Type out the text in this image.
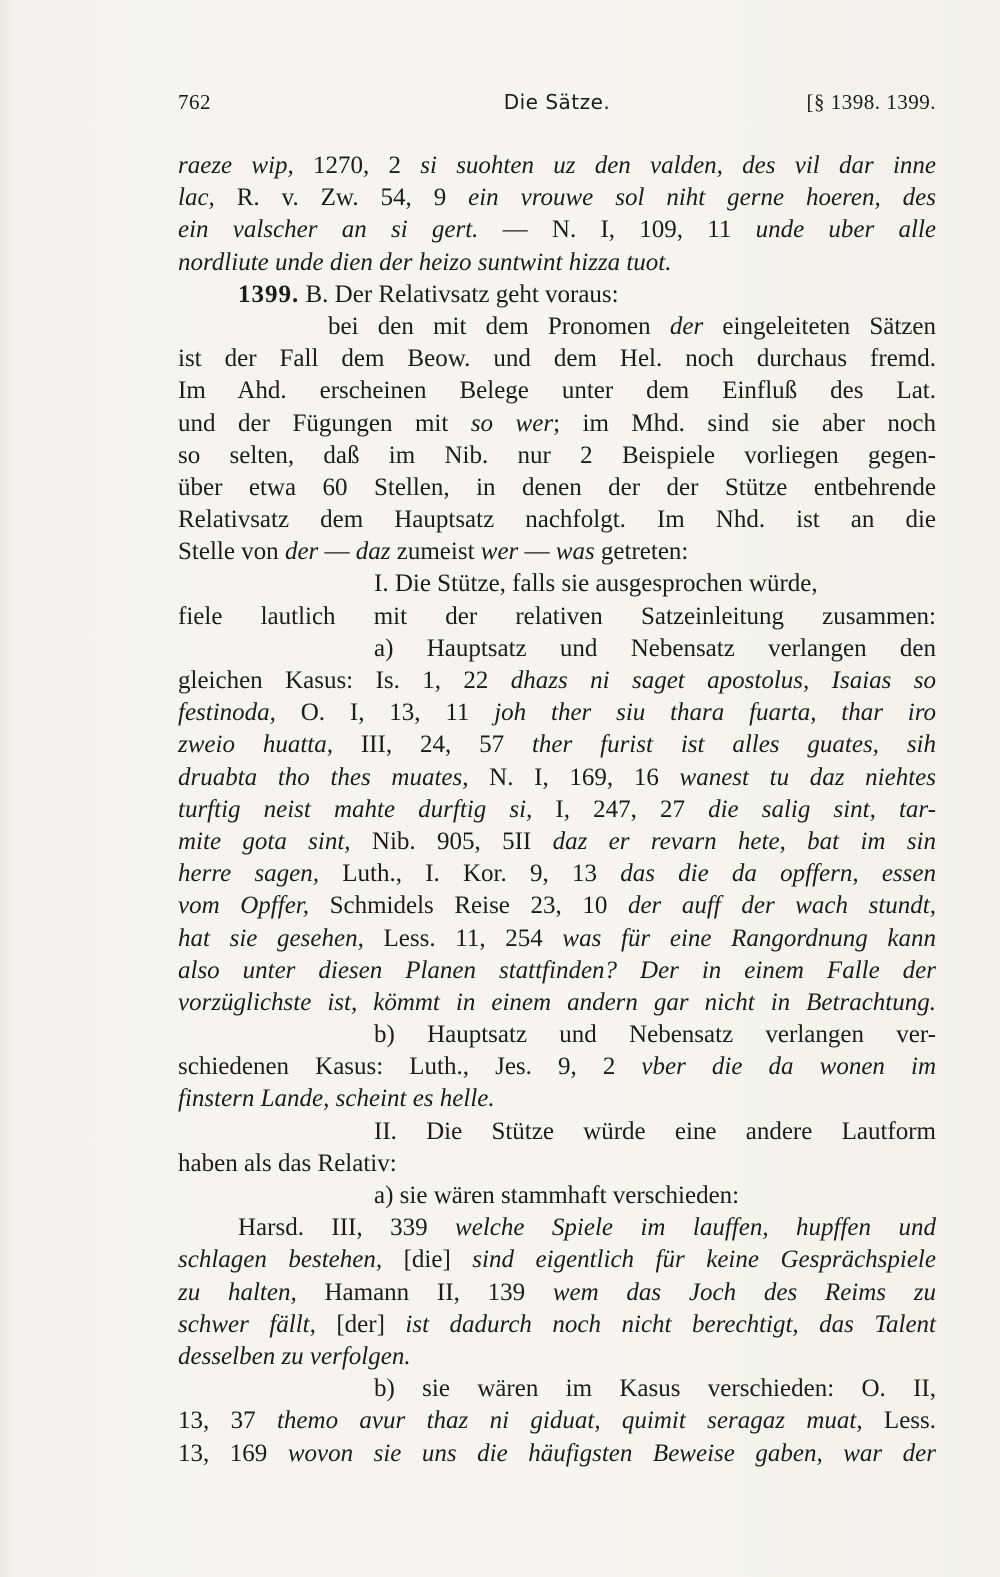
762	Die Sätze.	[§ 1398. 1399.
raeze wip, 1270, 2 si suohten uz den valden, des vil dar inne
lac, R. v. Zw. 54, 9 ein vrouwe sol niht gerne hoeren, des
ein valscher an si gert. — N. I, 109, 11 unde uber alle
nordliute unde dien der heizo suntwint hizza tuot.
1399. B. Der Relativsatz geht voraus:
bei den mit dem Pronomen der eingeleiteten Sätzen
ist der Fall dem Beow. und dem Hel. noch durchaus fremd.
Im Ahd. erscheinen Belege unter dem Einfluß des Lat.
und der Fügungen mit so wer; im Mhd. sind sie aber noch
so selten, daß im Nib. nur 2 Beispiele vorliegen gegen-
über etwa 60 Stellen, in denen der der Stütze entbehrende
Relativsatz dem Hauptsatz nachfolgt. Im Nhd. ist an die
Stelle von der — daz zumeist wer — was getreten:
I. Die Stütze, falls sie ausgesprochen würde,
fiele lautlich mit der relativen Satzeinleitung zusammen:
a) Hauptsatz und Nebensatz verlangen den
gleichen Kasus: Is. 1, 22 dhazs ni saget apostolus, Isaias so
festinoda, O. I, 13, 11 joh ther siu thara fuarta, thar iro
zweio huatta, III, 24, 57 ther furist ist alles guates, sih
druabta tho thes muates, N. I, 169, 16 wanest tu daz niehtes
turftig neist mahte durftig si, I, 247, 27 die salig sint, tar-
mite gota sint, Nib. 905, 5II daz er revarn hete, bat im sin
herre sagen, Luth., I. Kor. 9, 13 das die da opffern, essen
vom Opffer, Schmidels Reise 23, 10 der auff der wach stundt,
hat sie gesehen, Less. 11, 254 was für eine Rangordnung kann
also unter diesen Planen stattfinden? Der in einem Falle der
vorzüglichste ist, kömmt in einem andern gar nicht in Betrachtung.
b) Hauptsatz und Nebensatz verlangen ver-
schiedenen Kasus: Luth., Jes. 9, 2 vber die da wonen im
finstern Lande, scheint es helle.
II. Die Stütze würde eine andere Lautform
haben als das Relativ:
a) sie wären stammhaft verschieden:
Harsd. III, 339 welche Spiele im lauffen, hupffen und
schlagen bestehen, [die] sind eigentlich für keine Gesprächspiele
zu halten, Hamann II, 139 wem das Joch des Reims zu
schwer fällt, [der] ist dadurch noch nicht berechtigt, das Talent
desselben zu verfolgen.
b) sie wären im Kasus verschieden: O. II,
13, 37 themo avur thaz ni giduat, quimit seragaz muat, Less.
13, 169 wovon sie uns die häufigsten Beweise gaben, war der
